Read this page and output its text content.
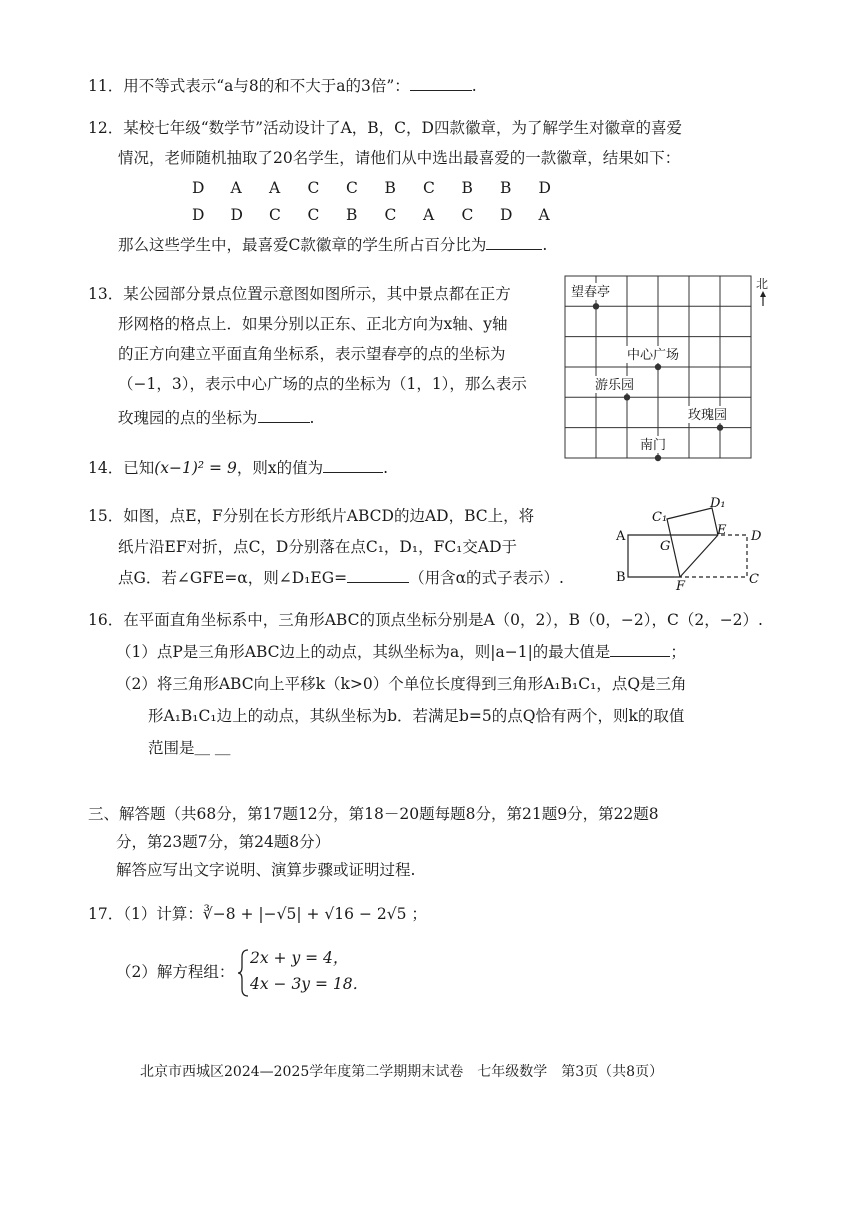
11．用不等式表示“a与8的和不大于a的3倍”：	.
12．某校七年级“数学节”活动设计了A，B，C，D四款徽章，为了解学生对徽章的喜爱
情况，老师随机抽取了20名学生，请他们从中选出最喜爱的一款徽章，结果如下：
D	A	A	C	C	B	C	B	B	D
D	D	C	C	B	C	A	C	D	A
那么这些学生中，最喜爱C款徽章的学生所占百分比为	.
13．某公园部分景点位置示意图如图所示，其中景点都在正方
形网格的格点上．如果分别以正东、正北方向为x轴、y轴
的正方向建立平面直角坐标系，表示望春亭的点的坐标为
（−1，3），表示中心广场的点的坐标为（1，1），那么表示
玫瑰园的点的坐标为	.
北
望春亭
中心广场
游乐园
玫瑰园
南门
14．已知(x−1)² = 9，则x的值为	.
15．如图，点E，F分别在长方形纸片ABCD的边AD，BC上，将
纸片沿EF对折，点C，D分别落在点C₁，D₁，FC₁交AD于
点G．若∠GFE=α，则∠D₁EG=	（用含α的式子表示）.
A
B	C
D
E
F
G
C₁
D₁
16．在平面直角坐标系中，三角形ABC的顶点坐标分别是A（0，2），B（0，−2），C（2，−2）.
（1）点P是三角形ABC边上的动点，其纵坐标为a，则|a−1|的最大值是	；
（2）将三角形ABC向上平移k（k>0）个单位长度得到三角形A₁B₁C₁，点Q是三角
形A₁B₁C₁边上的动点，其纵坐标为b．若满足b=5的点Q恰有两个，则k的取值
范围是＿ ＿
三、解答题（共68分，第17题12分，第18－20题每题8分，第21题9分，第22题8
分，第23题7分，第24题8分）
解答应写出文字说明、演算步骤或证明过程.
17．（1）计算：∛−8 + |−√5| + √16 − 2√5 ；
（2）解方程组：
2x + y = 4，
4x − 3y = 18．
北京市西城区2024—2025学年度第二学期期末试卷　七年级数学　第3页（共8页）
